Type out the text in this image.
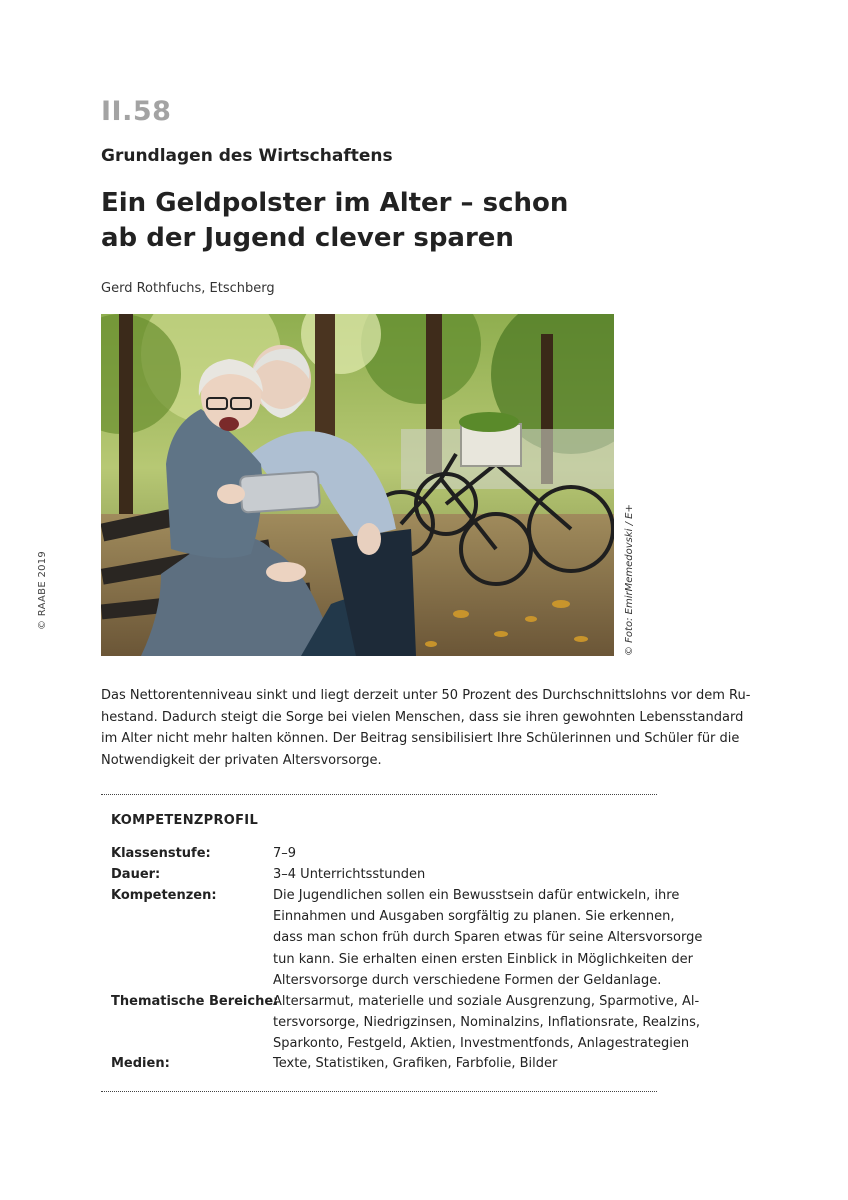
II.58
Grundlagen des Wirtschaftens
Ein Geldpolster im Alter – schon
ab der Jugend clever sparen
Gerd Rothfuchs, Etschberg
© Foto: EmirMemedovski / E+
© RAABE 2019
Das Nettorentenniveau sinkt und liegt derzeit unter 50 Prozent des Durchschnittslohns vor dem Ru-
hestand. Dadurch steigt die Sorge bei vielen Menschen, dass sie ihren gewohnten Lebensstandard
im Alter nicht mehr halten können. Der Beitrag sensibilisiert Ihre Schülerinnen und Schüler für die
Notwendigkeit der privaten Altersvorsorge.
KOMPETENZPROFIL
Klassenstufe:	7–9
Dauer:	3–4 Unterrichtsstunden
Kompetenzen:	Die Jugendlichen sollen ein Bewusstsein dafür entwickeln, ihre
Einnahmen und Ausgaben sorgfältig zu planen. Sie erkennen,
dass man schon früh durch Sparen etwas für seine Altersvorsorge
tun kann. Sie erhalten einen ersten Einblick in Möglichkeiten der
Altersvorsorge durch verschiedene Formen der Geldanlage.
Thematische Bereiche:
Altersarmut, materielle und soziale Ausgrenzung, Sparmotive, Al-
tersvorsorge, Niedrigzinsen, Nominalzins, Inflationsrate, Realzins,
Sparkonto, Festgeld, Aktien, Investmentfonds, Anlagestrategien
Medien:	Texte, Statistiken, Grafiken, Farbfolie, Bilder
